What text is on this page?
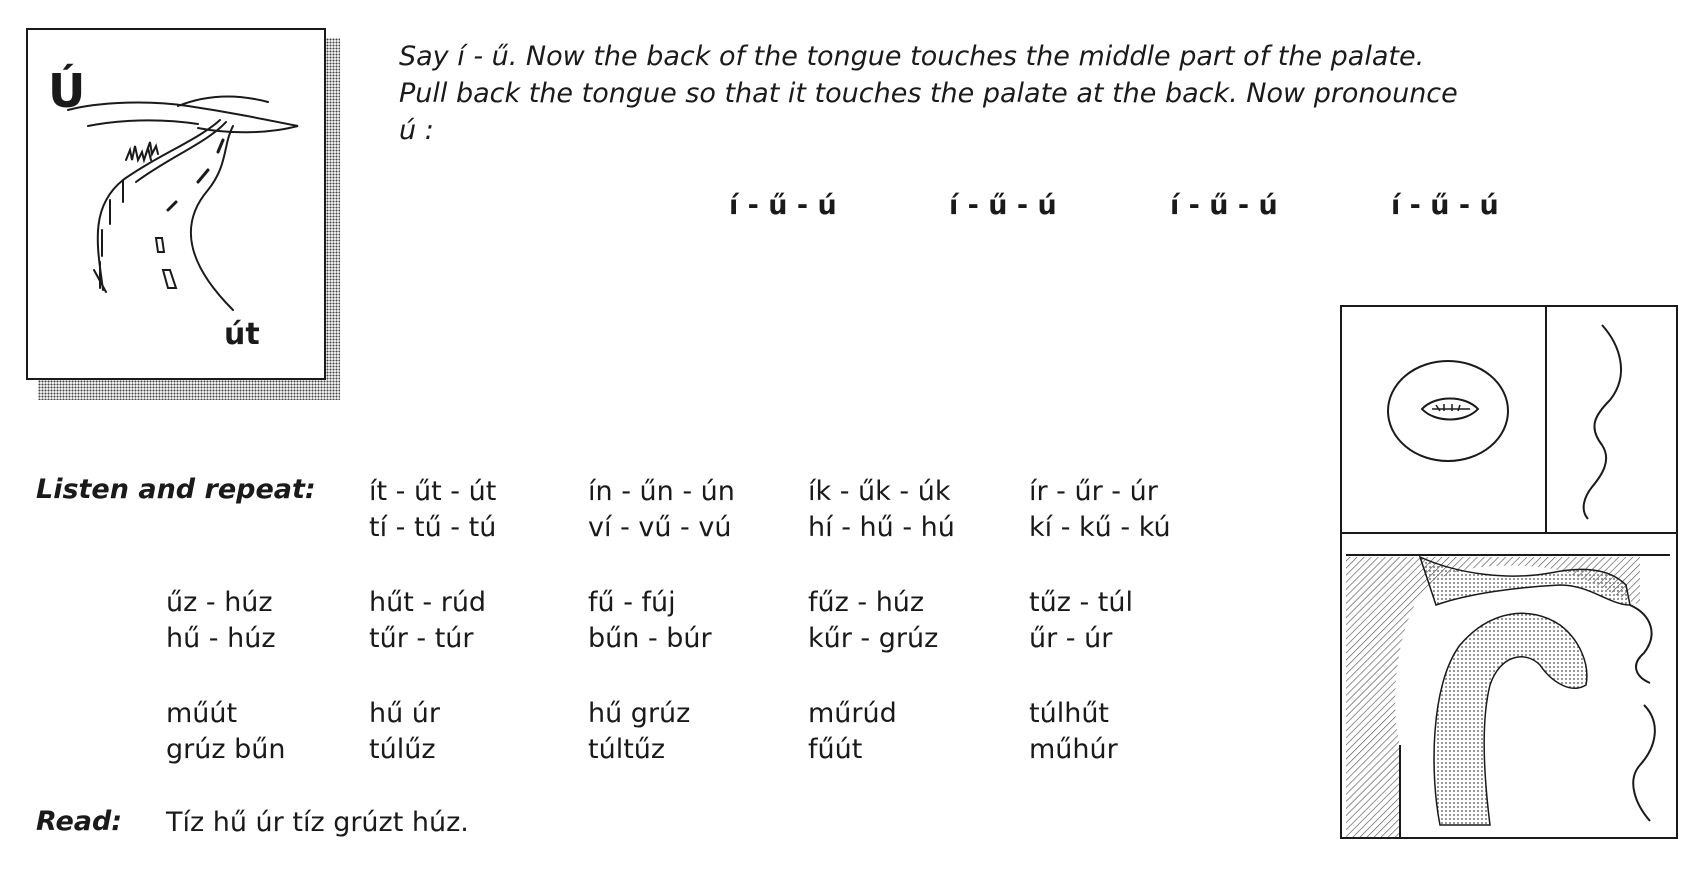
Ú
út
Say í - ű. Now the back of the tongue touches the middle part of the palate.
Pull back the tongue so that it touches the palate at the back. Now pronounce
ú :
í - ű - ú	í - ű - ú	í - ű - ú	í - ű - ú
Listen and repeat: ít - űt - út	ín - űn - ún	ík - űk - úk	ír - űr - úr
tí - tű - tú	ví - vű - vú	hí - hű - hú	kí - kű - kú
űz - húz	hűt - rúd	fű - fúj	fűz - húz	tűz - túl
hű - húz	tűr - túr	bűn - búr	kűr - grúz	űr - úr
műút	hű úr	hű grúz	műrúd	túlhűt
grúz bűn	túlűz	túltűz	fűút	műhúr
Read: Tíz hű úr tíz grúzt húz.
